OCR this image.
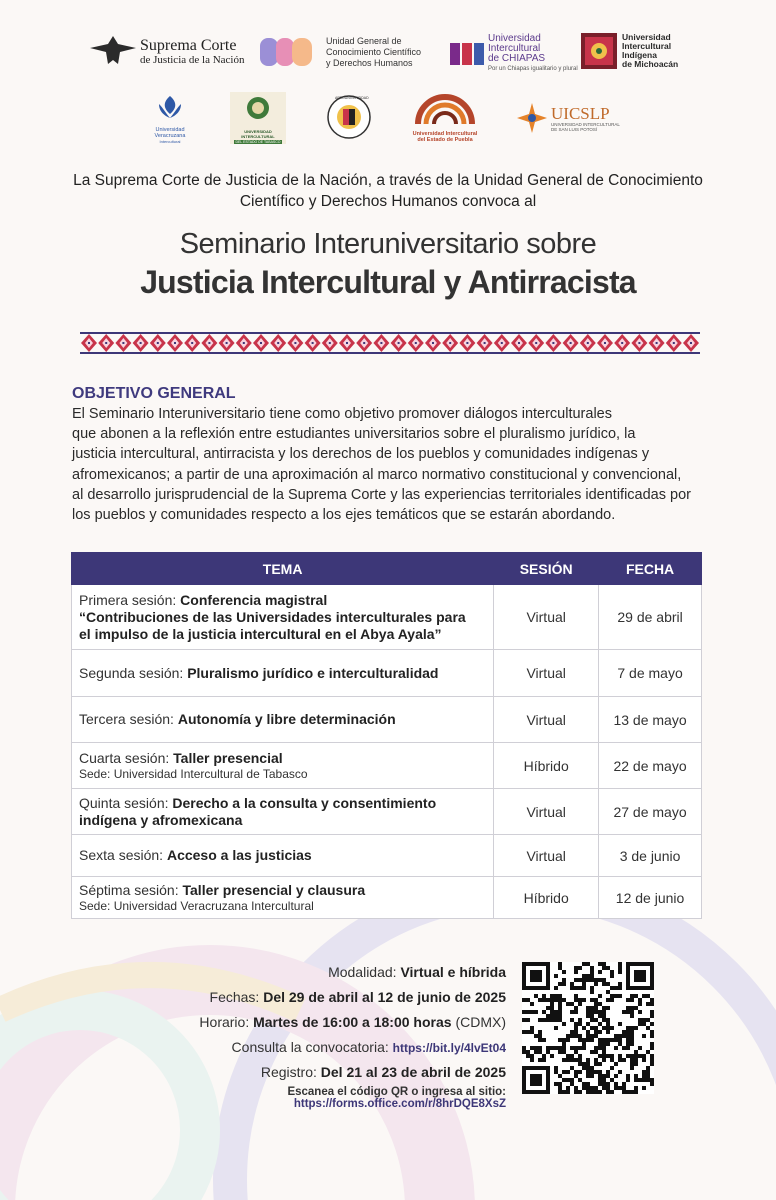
Suprema Corte
de Justicia de la Nación
Unidad General de
Conocimiento Científico
y Derechos Humanos
Universidad
Intercultural
de CHIAPAS
Por un Chiapas igualitario y plural
Universidad
Intercultural
Indígena
de Michoacán
Universidad Veracruzana
Intercultural
UNIVERSIDAD INTERCULTURAL
DEL ESTADO DE TABASCO
AFROUNIVERSIDAD
Universidad Intercultural
del Estado de Puebla
UICSLP
UNIVERSIDAD INTERCULTURAL
DE SAN LUIS POTOSÍ
La Suprema Corte de Justicia de la Nación, a través de la Unidad General de Conocimiento Científico y Derechos Humanos convoca al
Seminario Interuniversitario sobre
Justicia Intercultural y Antirracista
OBJETIVO GENERAL
El Seminario Interuniversitario tiene como objetivo promover diálogos interculturales
que abonen a la reflexión entre estudiantes universitarios sobre el pluralismo jurídico, la
justicia intercultural, antirracista y los derechos de los pueblos y comunidades indígenas y
afromexicanos; a partir de una aproximación al marco normativo constitucional y convencional,
al desarrollo jurisprudencial de la Suprema Corte y las experiencias territoriales identificadas por
los pueblos y comunidades respecto a los ejes temáticos que se estarán abordando.
TEMA	SESIÓN	FECHA
Primera sesión: Conferencia magistral
“Contribuciones de las Universidades interculturales para
el impulso de la justicia intercultural en el Abya Ayala”	Virtual	29 de abril
Segunda sesión: Pluralismo jurídico e interculturalidad	Virtual	7 de mayo
Tercera sesión: Autonomía y libre determinación	Virtual	13 de mayo
Cuarta sesión: Taller presencial
Sede: Universidad Intercultural de Tabasco	Híbrido	22 de mayo
Quinta sesión: Derecho a la consulta y consentimiento
indígena y afromexicana	Virtual	27 de mayo
Sexta sesión: Acceso a las justicias	Virtual	3 de junio
Séptima sesión: Taller presencial y clausura
Sede: Universidad Veracruzana Intercultural	Híbrido	12 de junio
Modalidad: Virtual e híbrida
Fechas: Del 29 de abril al 12 de junio de 2025
Horario: Martes de 16:00 a 18:00 horas (CDMX)
Consulta la convocatoria: https://bit.ly/4lvEt04
Registro: Del 21 al 23 de abril de 2025
Escanea el código QR o ingresa al sitio: https://forms.office.com/r/8hrDQE8XsZ
